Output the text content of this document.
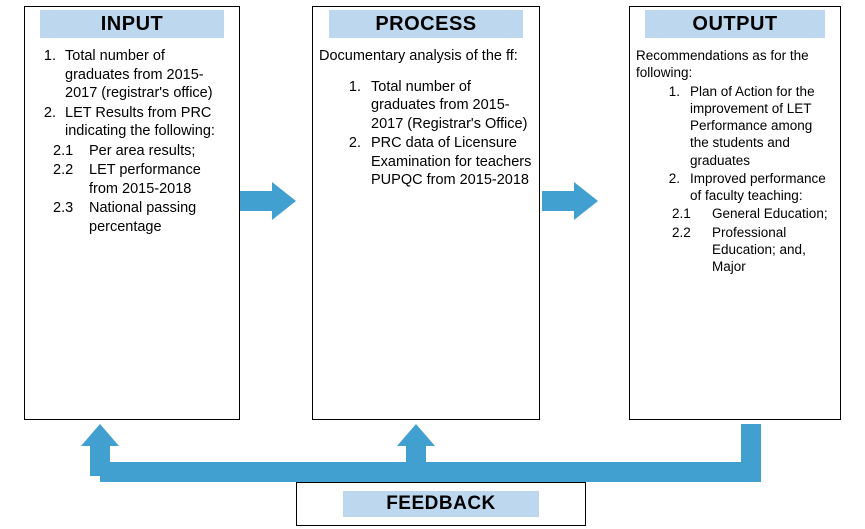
INPUT
1. Total number of graduates from 2015-2017 (registrar's office)
2. LET Results from PRC indicating the following:
2.1	Per area results;
2.2	LET performance from 2015-2018
2.3	National passing percentage
PROCESS
Documentary analysis of the ff:
1. Total number of graduates from 2015-2017 (Registrar's Office)
2. PRC data of Licensure Examination for teachers PUPQC from 2015-2018
OUTPUT
Recommendations as for the following:
1. Plan of Action for the improvement of LET Performance among the students and graduates
2. Improved performance of faculty teaching:
2.1	General Education;
2.2	Professional Education; and, Major
FEEDBACK
